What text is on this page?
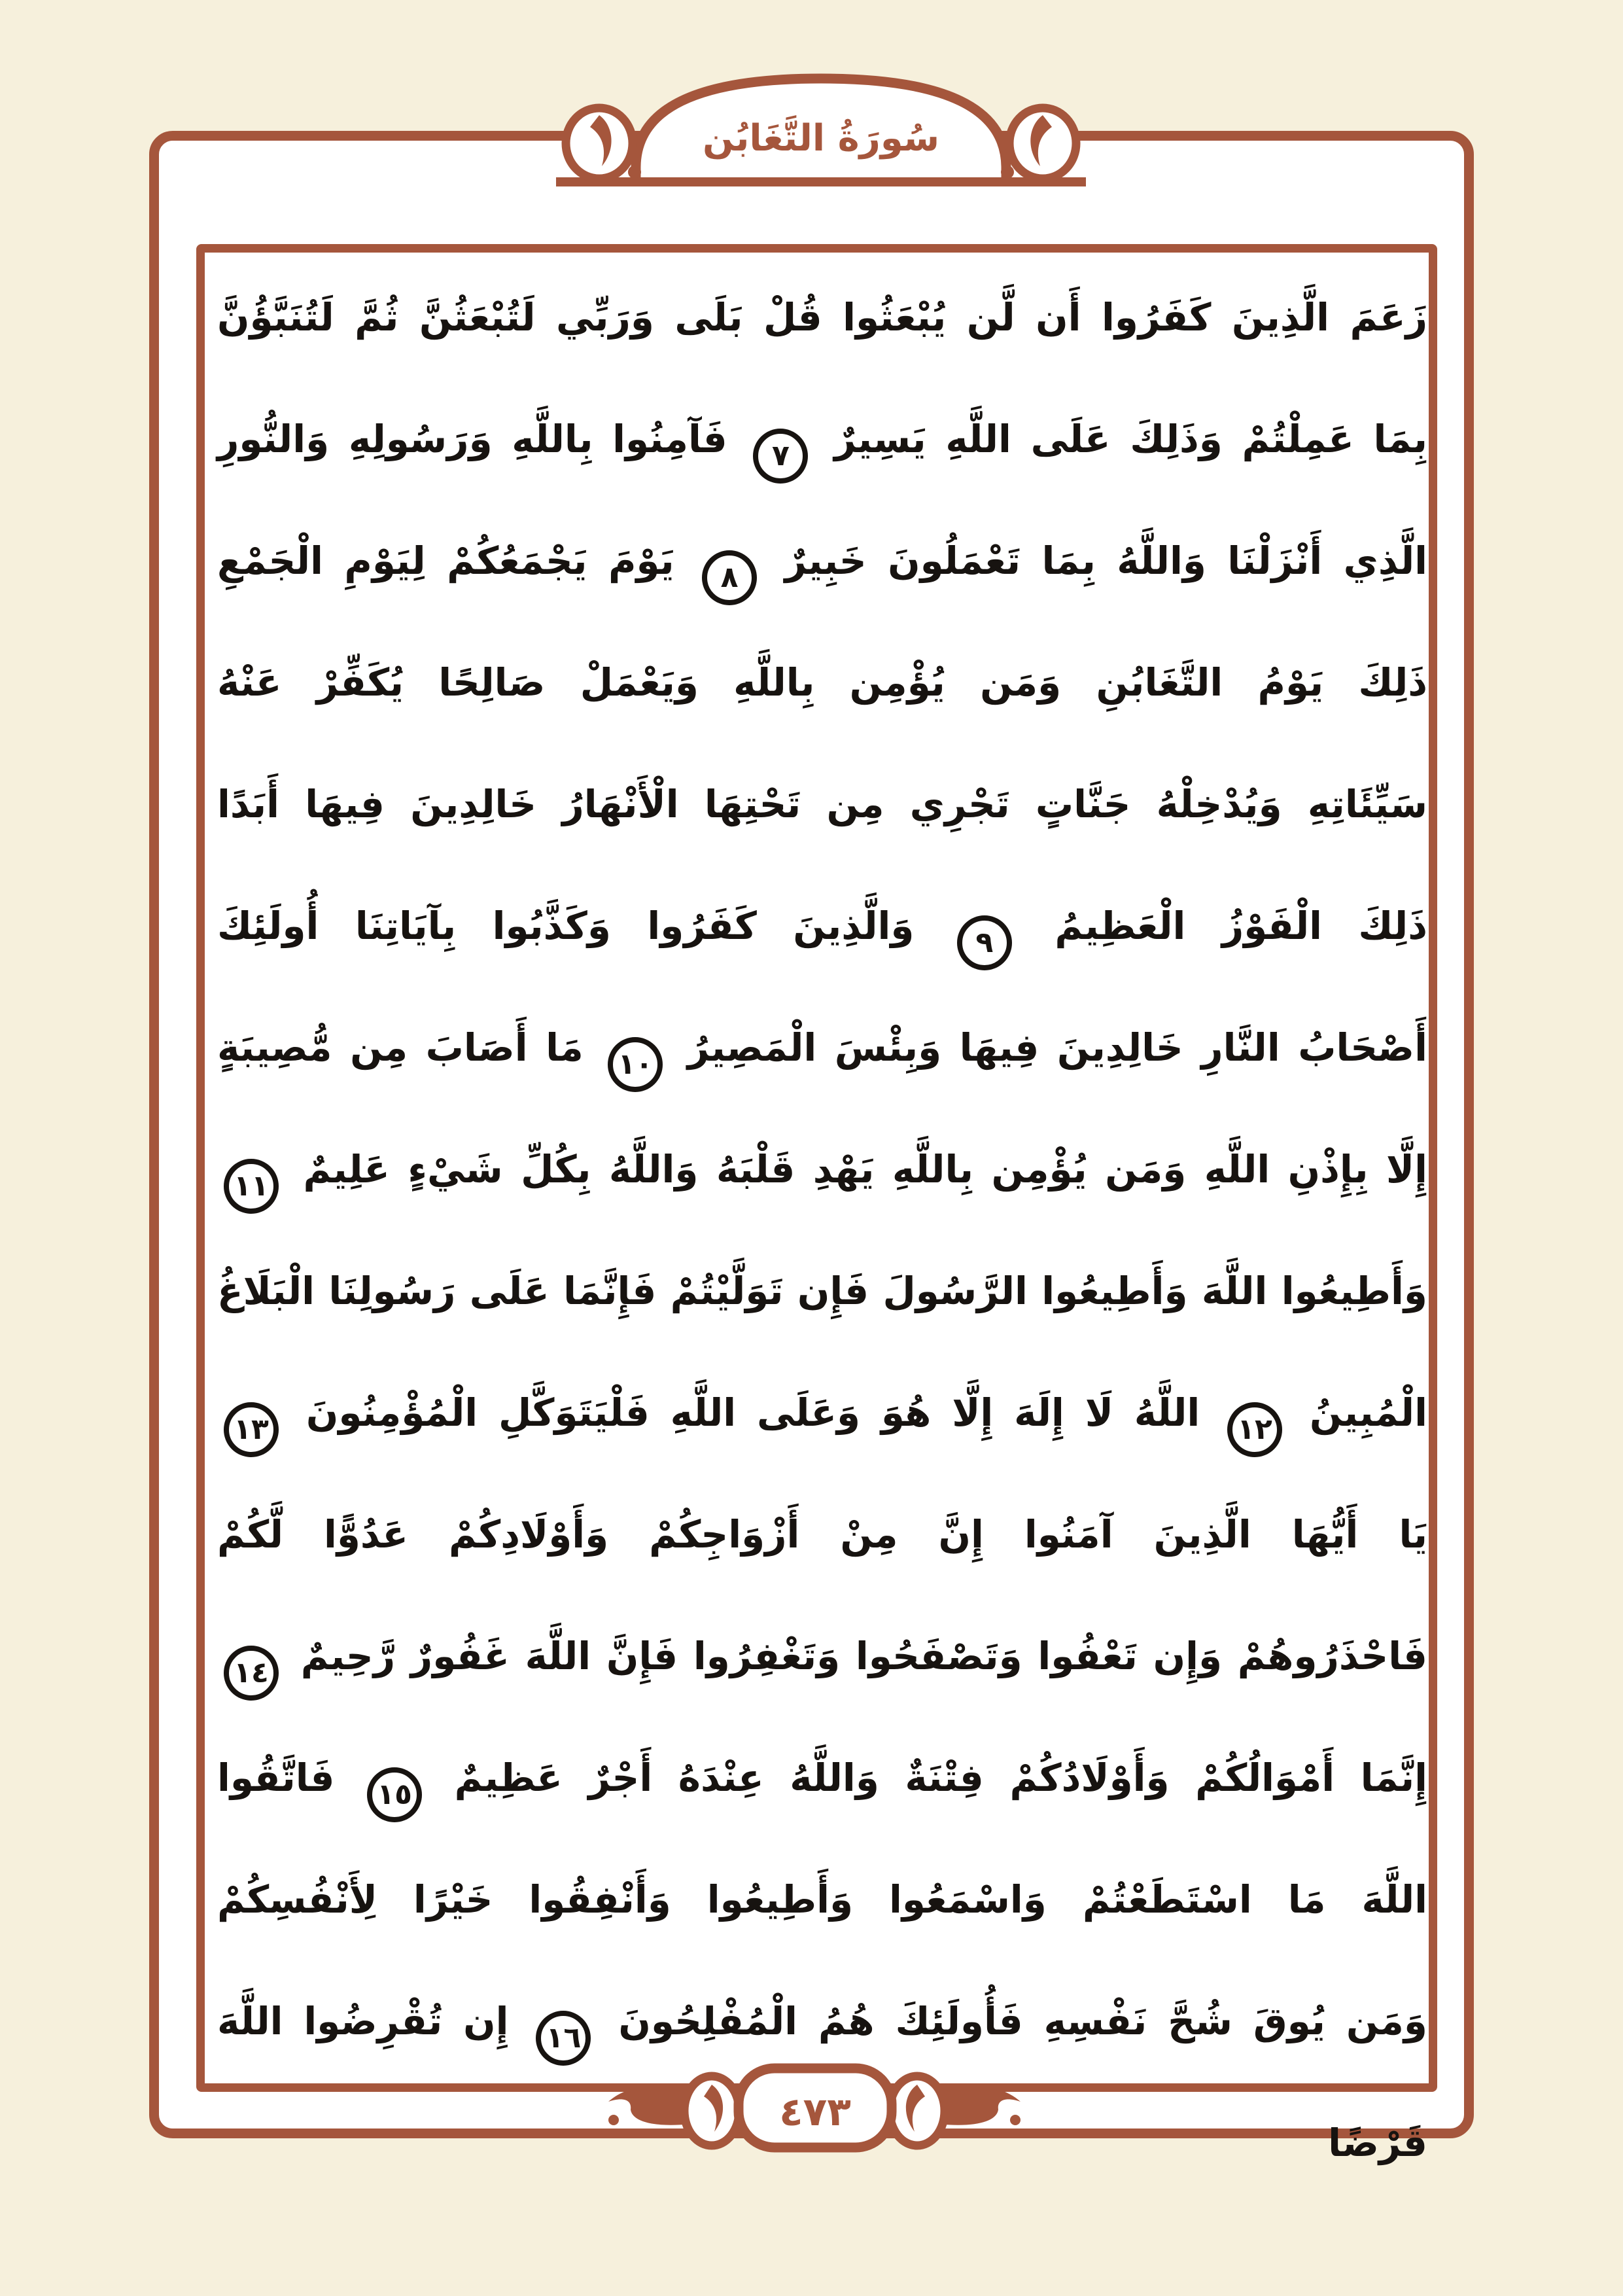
سُورَةُ التَّغَابُن
زَعَمَ الَّذِينَ كَفَرُوا أَن لَّن يُبْعَثُوا قُلْ بَلَى وَرَبِّي لَتُبْعَثُنَّ ثُمَّ لَتُنَبَّؤُنَّ
بِمَا عَمِلْتُمْ وَذَلِكَ عَلَى اللَّهِ يَسِيرٌ ٧ فَآمِنُوا بِاللَّهِ وَرَسُولِهِ وَالنُّورِ
الَّذِي أَنْزَلْنَا وَاللَّهُ بِمَا تَعْمَلُونَ خَبِيرٌ ٨ يَوْمَ يَجْمَعُكُمْ لِيَوْمِ الْجَمْعِ
ذَلِكَ يَوْمُ التَّغَابُنِ وَمَن يُؤْمِن بِاللَّهِ وَيَعْمَلْ صَالِحًا يُكَفِّرْ عَنْهُ
سَيِّئَاتِهِ وَيُدْخِلْهُ جَنَّاتٍ تَجْرِي مِن تَحْتِهَا الْأَنْهَارُ خَالِدِينَ فِيهَا أَبَدًا
ذَلِكَ الْفَوْزُ الْعَظِيمُ ٩ وَالَّذِينَ كَفَرُوا وَكَذَّبُوا بِآيَاتِنَا أُولَئِكَ
أَصْحَابُ النَّارِ خَالِدِينَ فِيهَا وَبِئْسَ الْمَصِيرُ ١٠ مَا أَصَابَ مِن مُّصِيبَةٍ
إِلَّا بِإِذْنِ اللَّهِ وَمَن يُؤْمِن بِاللَّهِ يَهْدِ قَلْبَهُ وَاللَّهُ بِكُلِّ شَيْءٍ عَلِيمٌ ١١
وَأَطِيعُوا اللَّهَ وَأَطِيعُوا الرَّسُولَ فَإِن تَوَلَّيْتُمْ فَإِنَّمَا عَلَى رَسُولِنَا الْبَلَاغُ
الْمُبِينُ ١٢ اللَّهُ لَا إِلَهَ إِلَّا هُوَ وَعَلَى اللَّهِ فَلْيَتَوَكَّلِ الْمُؤْمِنُونَ ١٣
يَا أَيُّهَا الَّذِينَ آمَنُوا إِنَّ مِنْ أَزْوَاجِكُمْ وَأَوْلَادِكُمْ عَدُوًّا لَّكُمْ
فَاحْذَرُوهُمْ وَإِن تَعْفُوا وَتَصْفَحُوا وَتَغْفِرُوا فَإِنَّ اللَّهَ غَفُورٌ رَّحِيمٌ ١٤
إِنَّمَا أَمْوَالُكُمْ وَأَوْلَادُكُمْ فِتْنَةٌ وَاللَّهُ عِنْدَهُ أَجْرٌ عَظِيمٌ ١٥ فَاتَّقُوا
اللَّهَ مَا اسْتَطَعْتُمْ وَاسْمَعُوا وَأَطِيعُوا وَأَنْفِقُوا خَيْرًا لِأَنْفُسِكُمْ
وَمَن يُوقَ شُحَّ نَفْسِهِ فَأُولَئِكَ هُمُ الْمُفْلِحُونَ ١٦ إِن تُقْرِضُوا اللَّهَ قَرْضًا
٤٧٣
